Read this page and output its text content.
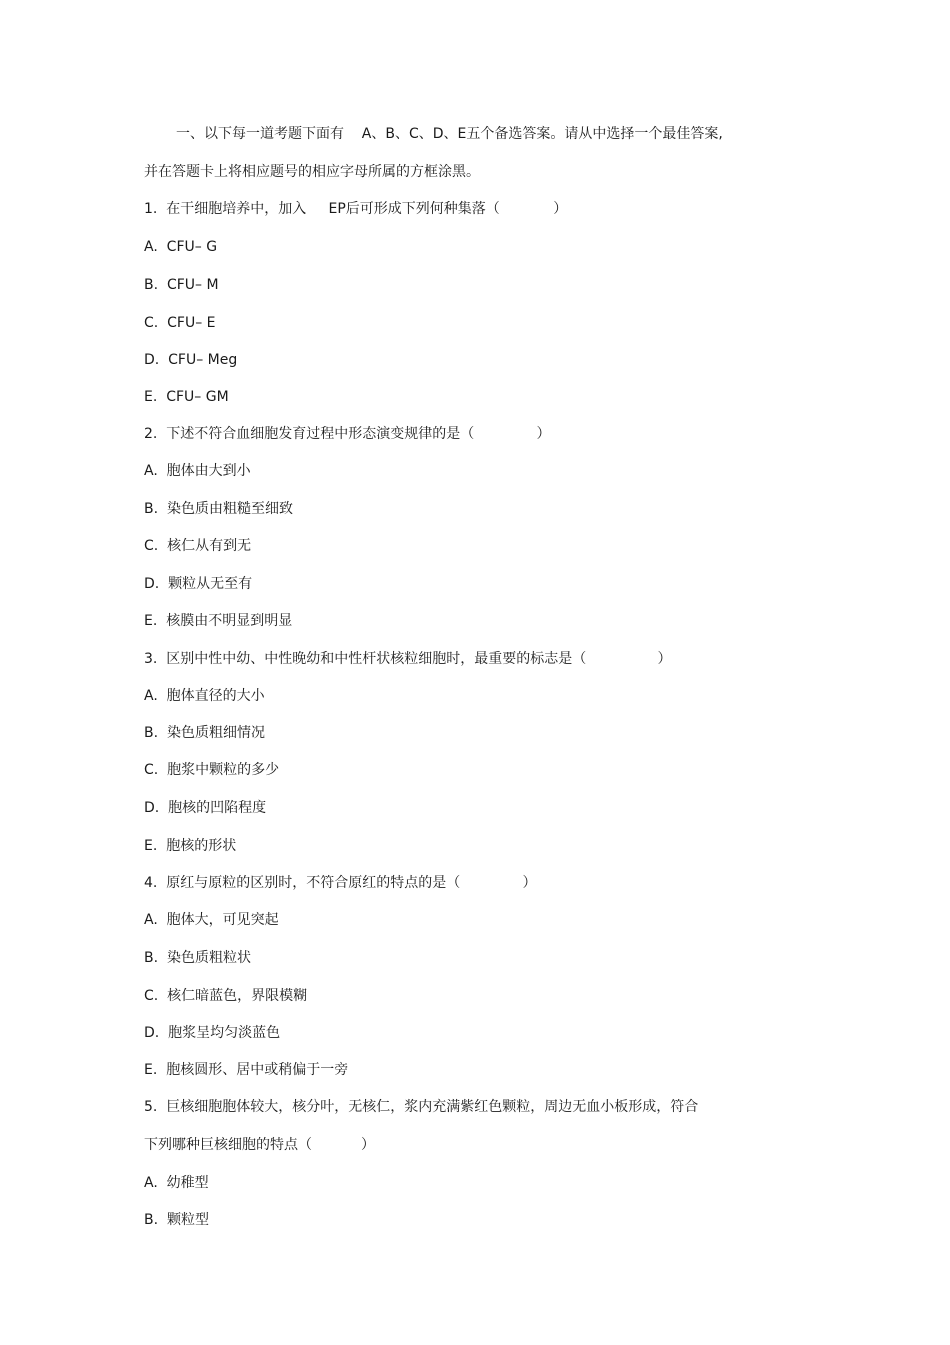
一、以下每一道考题下面有    A、B、C、D、E五个备选答案。请从中选择一个最佳答案,
并在答题卡上将相应题号的相应字母所属的方框涂黑。
1.  在干细胞培养中，加入     EP后可形成下列何种集落（            ）
A.  CFU– G
B.  CFU– M
C.  CFU– E
D.  CFU– Meg
E.  CFU– GM
2.  下述不符合血细胞发育过程中形态演变规律的是（              ）
A.  胞体由大到小
B.  染色质由粗糙至细致
C.  核仁从有到无
D.  颗粒从无至有
E.  核膜由不明显到明显
3.  区别中性中幼、中性晚幼和中性杆状核粒细胞时，最重要的标志是（                ）
A.  胞体直径的大小
B.  染色质粗细情况
C.  胞浆中颗粒的多少
D.  胞核的凹陷程度
E.  胞核的形状
4.  原红与原粒的区别时，不符合原红的特点的是（              ）
A.  胞体大，可见突起
B.  染色质粗粒状
C.  核仁暗蓝色，界限模糊
D.  胞浆呈均匀淡蓝色
E.  胞核圆形、居中或稍偏于一旁
5.  巨核细胞胞体较大，核分叶，无核仁，浆内充满紫红色颗粒，周边无血小板形成，符合
下列哪种巨核细胞的特点（           ）
A.  幼稚型
B.  颗粒型
